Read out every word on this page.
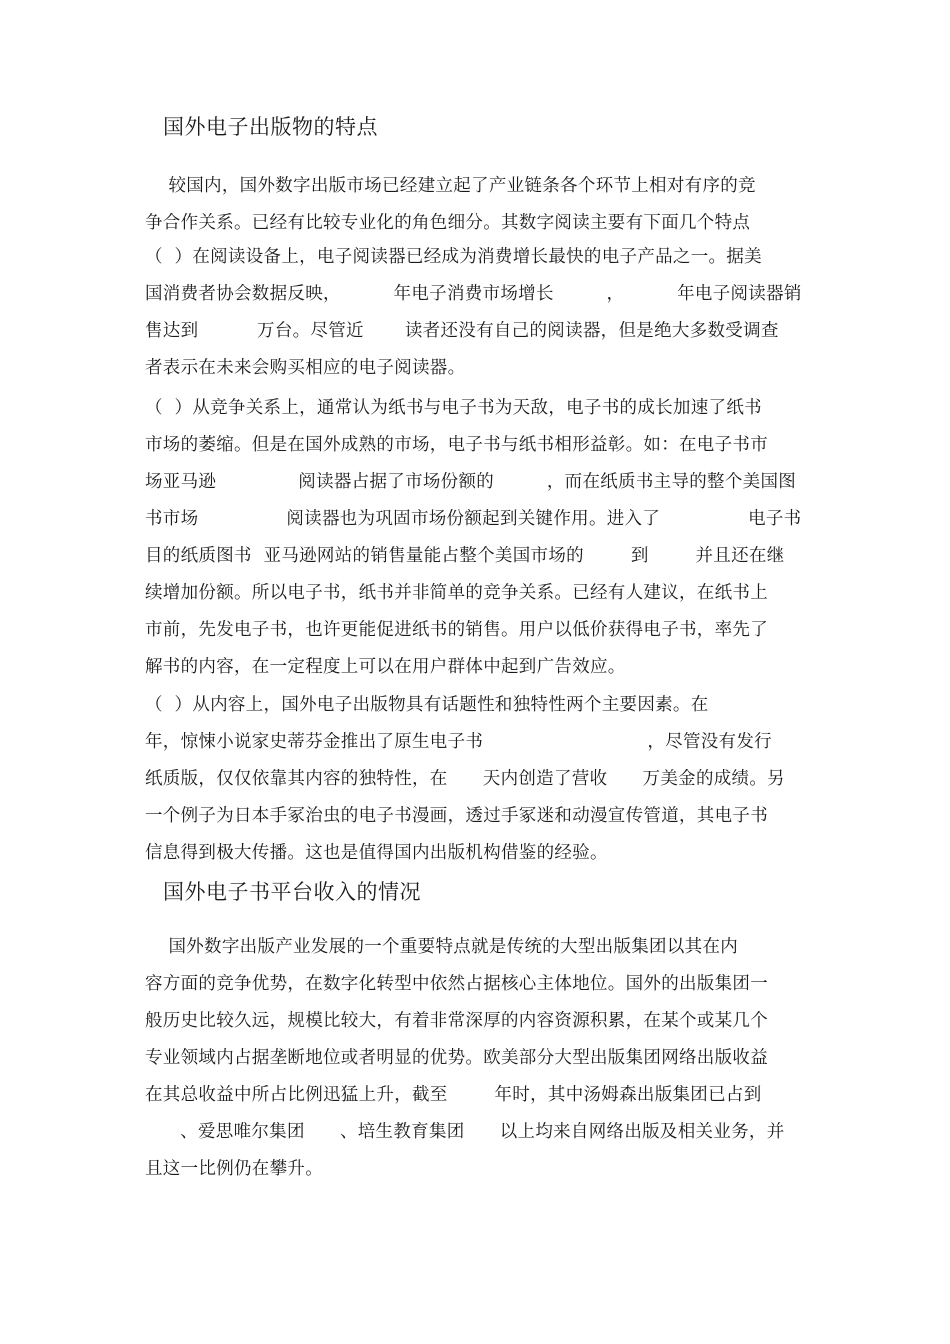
国外电子出版物的特点
较国内，国外数字出版市场已经建立起了产业链条各个环节上相对有序的竞
争合作关系。已经有比较专业化的角色细分。其数字阅读主要有下面几个特点
（  ）在阅读设备上，电子阅读器已经成为消费增长最快的电子产品之一。据美
国消费者协会数据反映，         年电子消费市场增长         ，         年电子阅读器销
售达到          万台。尽管近       读者还没有自己的阅读器，但是绝大多数受调查
者表示在未来会购买相应的电子阅读器。
（  ）从竞争关系上，通常认为纸书与电子书为天敌，电子书的成长加速了纸书
市场的萎缩。但是在国外成熟的市场，电子书与纸书相形益彰。如：在电子书市
场亚马逊              阅读器占据了市场份额的         ，而在纸质书主导的整个美国图
书市场               阅读器也为巩固市场份额起到关键作用。进入了               电子书
目的纸质图书  亚马逊网站的销售量能占整个美国市场的        到        并且还在继
续增加份额。所以电子书，纸书并非简单的竞争关系。已经有人建议，在纸书上
市前，先发电子书，也许更能促进纸书的销售。用户以低价获得电子书，率先了
解书的内容，在一定程度上可以在用户群体中起到广告效应。
（  ）从内容上，国外电子出版物具有话题性和独特性两个主要因素。在
年，惊悚小说家史蒂芬金推出了原生电子书                            ，尽管没有发行
纸质版，仅仅依靠其内容的独特性，在      天内创造了营收      万美金的成绩。另
一个例子为日本手冢治虫的电子书漫画，透过手冢迷和动漫宣传管道，其电子书
信息得到极大传播。这也是值得国内出版机构借鉴的经验。
国外电子书平台收入的情况
国外数字出版产业发展的一个重要特点就是传统的大型出版集团以其在内
容方面的竞争优势，在数字化转型中依然占据核心主体地位。国外的出版集团一
般历史比较久远，规模比较大，有着非常深厚的内容资源积累，在某个或某几个
专业领域内占据垄断地位或者明显的优势。欧美部分大型出版集团网络出版收益
在其总收益中所占比例迅猛上升，截至        年时，其中汤姆森出版集团已占到
、爱思唯尔集团      、培生教育集团      以上均来自网络出版及相关业务，并
且这一比例仍在攀升。
